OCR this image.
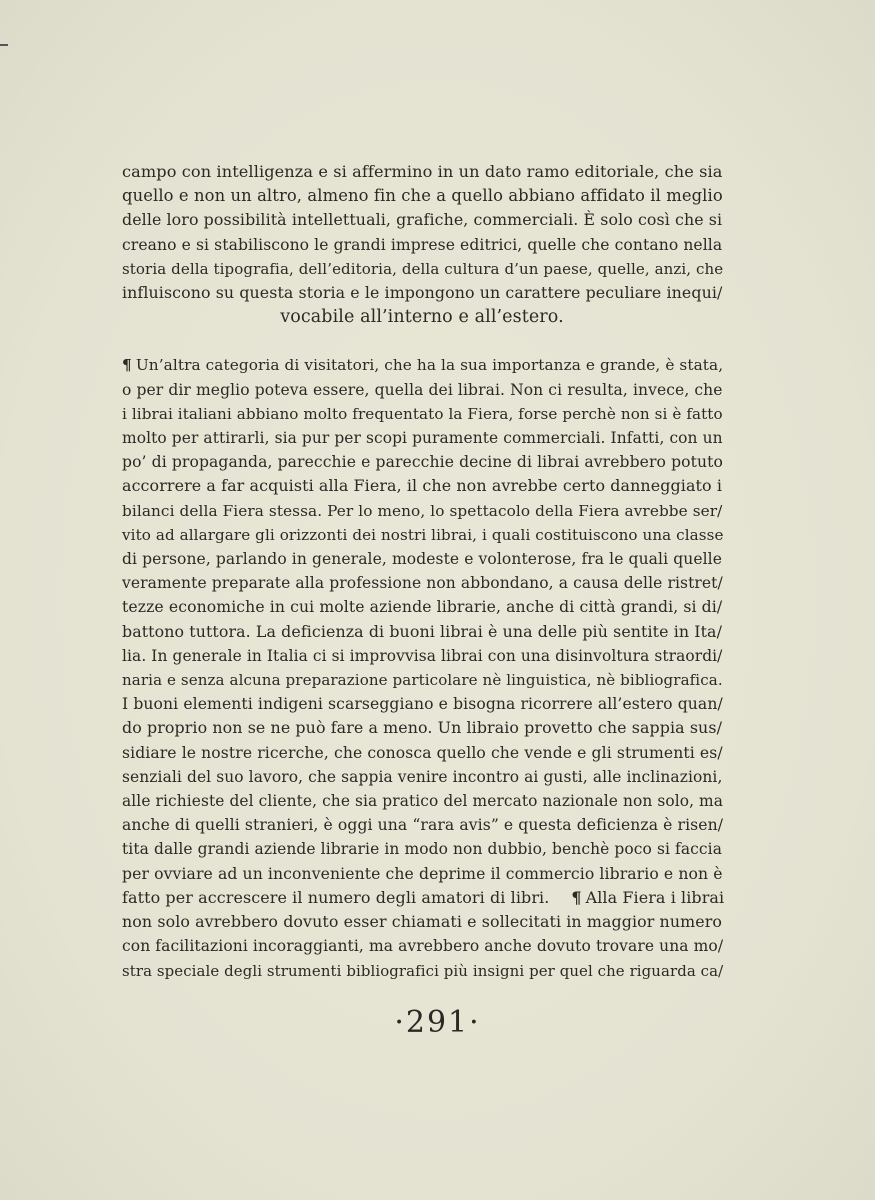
campo con intelligenza e si affermino in un dato ramo editoriale, che sia
quello e non un altro, almeno fin che a quello abbiano affidato il meglio
delle loro possibilità intellettuali, grafiche, commerciali. È solo così che si
creano e si stabiliscono le grandi imprese editrici, quelle che contano nella
storia della tipografia, dell’editoria, della cultura d’un paese, quelle, anzi, che
influiscono su questa storia e le impongono un carattere peculiare inequi/
vocabile all’interno e all’estero.
¶ Un’altra categoria di visitatori, che ha la sua importanza e grande, è stata,
o per dir meglio poteva essere, quella dei librai. Non ci resulta, invece, che
i librai italiani abbiano molto frequentato la Fiera, forse perchè non si è fatto
molto per attirarli, sia pur per scopi puramente commerciali. Infatti, con un
po’ di propaganda, parecchie e parecchie decine di librai avrebbero potuto
accorrere a far acquisti alla Fiera, il che non avrebbe certo danneggiato i
bilanci della Fiera stessa. Per lo meno, lo spettacolo della Fiera avrebbe ser/
vito ad allargare gli orizzonti dei nostri librai, i quali costituiscono una classe
di persone, parlando in generale, modeste e volonterose, fra le quali quelle
veramente preparate alla professione non abbondano, a causa delle ristret/
tezze economiche in cui molte aziende librarie, anche di città grandi, si di/
battono tuttora. La deficienza di buoni librai è una delle più sentite in Ita/
lia. In generale in Italia ci si improvvisa librai con una disinvoltura straordi/
naria e senza alcuna preparazione particolare nè linguistica, nè bibliografica.
I buoni elementi indigeni scarseggiano e bisogna ricorrere all’estero quan/
do proprio non se ne può fare a meno. Un libraio provetto che sappia sus/
sidiare le nostre ricerche, che conosca quello che vende e gli strumenti es/
senziali del suo lavoro, che sappia venire incontro ai gusti, alle inclinazioni,
alle richieste del cliente, che sia pratico del mercato nazionale non solo, ma
anche di quelli stranieri, è oggi una “rara avis” e questa deficienza è risen/
tita dalle grandi aziende librarie in modo non dubbio, benchè poco si faccia
per ovviare ad un inconveniente che deprime il commercio librario e non è
fatto per accrescere il numero degli amatori di libri. ¶ Alla Fiera i librai
non solo avrebbero dovuto esser chiamati e sollecitati in maggior numero
con facilitazioni incoraggianti, ma avrebbero anche dovuto trovare una mo/
stra speciale degli strumenti bibliografici più insigni per quel che riguarda ca/
·291·
